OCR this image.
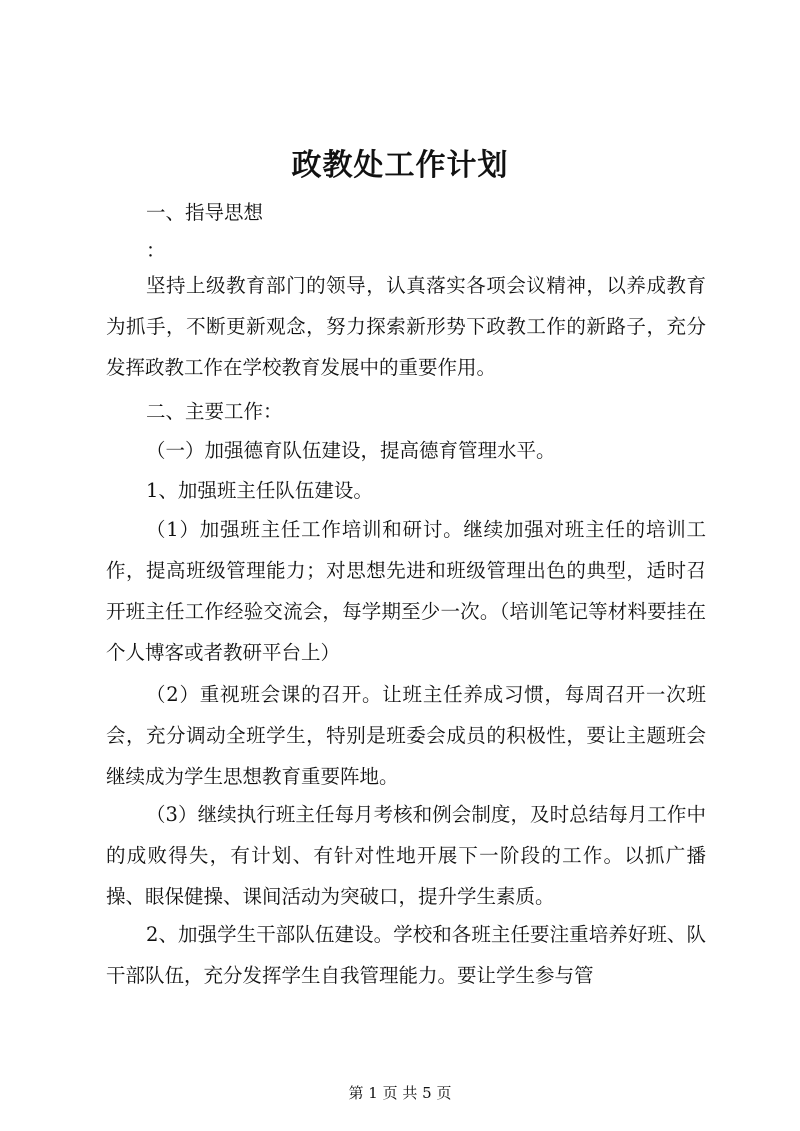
政教处工作计划

一、指导思想

：

坚持上级教育部门的领导，认真落实各项会议精神，以养成教育为抓手，不断更新观念，努力探索新形势下政教工作的新路子，充分发挥政教工作在学校教育发展中的重要作用。

二、主要工作：

（一）加强德育队伍建设，提高德育管理水平。

1、加强班主任队伍建设。

（1）加强班主任工作培训和研讨。继续加强对班主任的培训工作，提高班级管理能力；对思想先进和班级管理出色的典型，适时召开班主任工作经验交流会，每学期至少一次。（培训笔记等材料要挂在个人博客或者教研平台上）

（2）重视班会课的召开。让班主任养成习惯，每周召开一次班会，充分调动全班学生，特别是班委会成员的积极性，要让主题班会继续成为学生思想教育重要阵地。

（3）继续执行班主任每月考核和例会制度，及时总结每月工作中的成败得失，有计划、有针对性地开展下一阶段的工作。以抓广播操、眼保健操、课间活动为突破口，提升学生素质。

2、加强学生干部队伍建设。学校和各班主任要注重培养好班、队干部队伍，充分发挥学生自我管理能力。要让学生参与管

第 1 页 共 5 页
